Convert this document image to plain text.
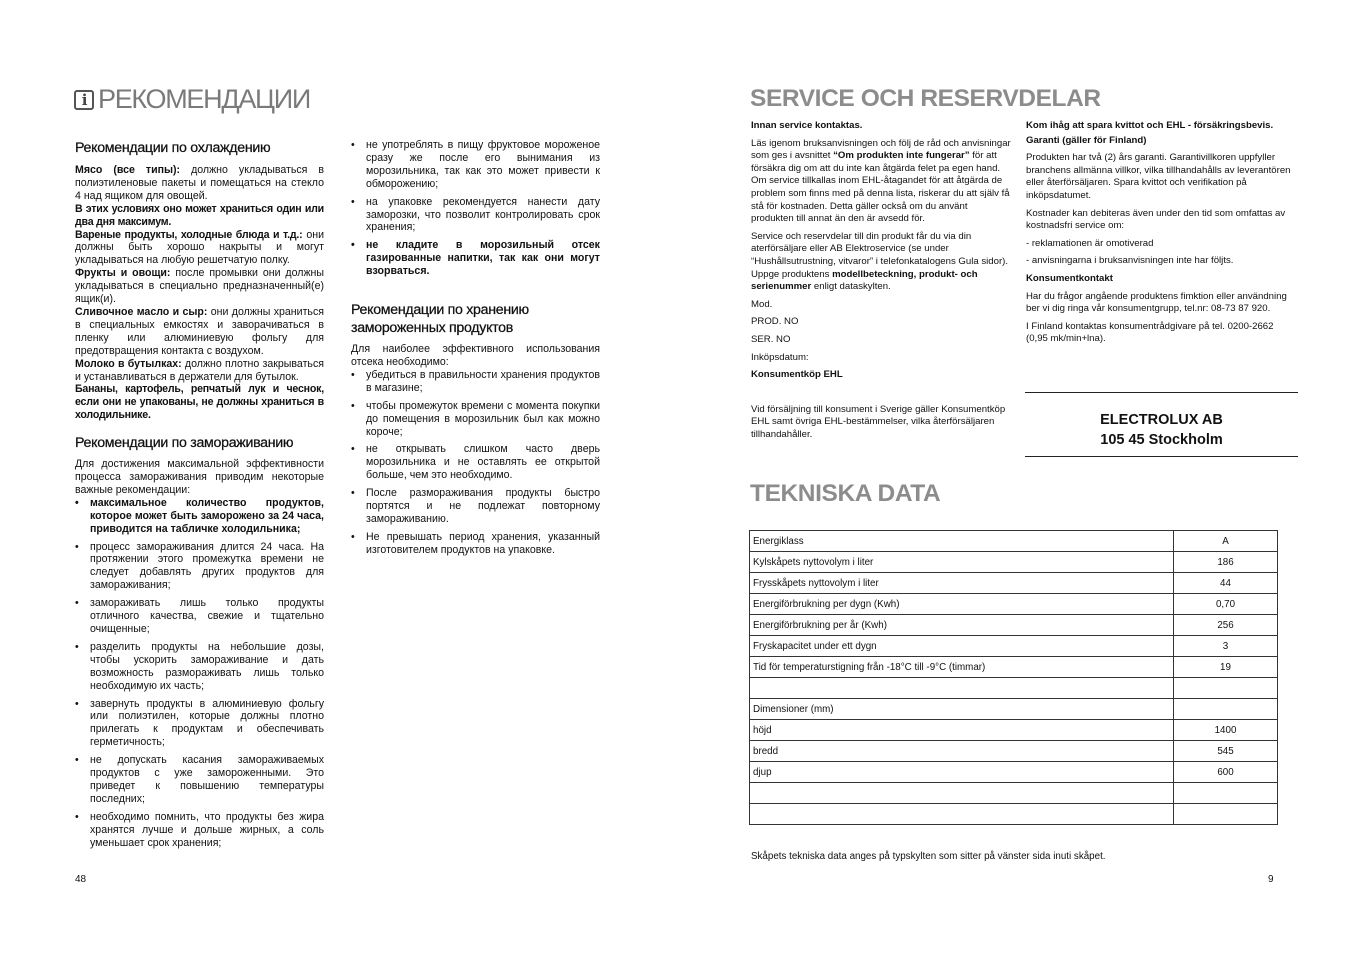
i РЕКОМЕНДАЦИИ
Рекомендации по охлаждению

Мясо (все типы): должно укладываться в полиэтиленовые пакеты и помещаться на стекло 4 над ящиком для овощей.

В этих условиях оно может храниться один или два дня максимум.

Вареные продукты, холодные блюда и т.д.: они должны быть хорошо накрыты и могут укладываться на любую решетчатую полку.

Фрукты и овощи: после промывки они должны укладываться в специально предназначенный(е) ящик(и).

Сливочное масло и сыр: они должны храниться в специальных емкостях и заворачиваться в пленку или алюминиевую фольгу для предотвращения контакта с воздухом.

Молоко в бутылках: должно плотно закрываться и устанавливаться в держатели для бутылок.

Бананы, картофель, репчатый лук и чеснок, если они не упакованы, не должны храниться в холодильнике.

Рекомендации по замораживанию

Для достижения максимальной эффективности процесса замораживания приводим некоторые важные рекомендации:

• максимальное количество продуктов, которое может быть заморожено за 24 часа, приводится на табличке холодильника;
• процесс замораживания длится 24 часа. На протяжении этого промежутка времени не следует добавлять других продуктов для замораживания;
• замораживать лишь только продукты отличного качества, свежие и тщательно очищенные;
• разделить продукты на небольшие дозы, чтобы ускорить замораживание и дать возможность размораживать лишь только необходимую их часть;
• завернуть продукты в алюминиевую фольгу или полиэтилен, которые должны плотно прилегать к продуктам и обеспечивать герметичность;
• не допускать касания замораживаемых продуктов с уже замороженными. Это приведет к повышению температуры последних;
• необходимо помнить, что продукты без жира хранятся лучше и дольше жирных, а соль уменьшает срок хранения;
• не употреблять в пищу фруктовое мороженое сразу же после его вынимания из морозильника, так как это может привести к обморожению;
• на упаковке рекомендуется нанести дату заморозки, что позволит контролировать срок хранения;
• не кладите в морозильный отсек газированные напитки, так как они могут взорваться.
Рекомендации по хранению замороженных продуктов

Для наиболее эффективного использования отсека необходимо:

• убедиться в правильности хранения продуктов в магазине;
• чтобы промежуток времени с момента покупки до помещения в морозильник был как можно короче;
• не открывать слишком часто дверь морозильника и не оставлять ее открытой больше, чем это необходимо.
• После размораживания продукты быстро портятся и не подлежат повторному замораживанию.
• Не превышать период хранения, указанный изготовителем продуктов на упаковке.
48
SERVICE OCH RESERVDELAR

Innan service kontaktas.

Läs igenom bruksanvisningen och följ de råd och anvisningar som ges i avsnittet “Om produkten inte fungerar” för att försäkra dig om att du inte kan åtgärda felet pa egen hand. Om service tillkallas inom EHL-åtagandet för att åtgärda de problem som finns med på denna lista, riskerar du att själv få stå för kostnaden. Detta gäller också om du använt produkten till annat än den är avsedd för.

Service och reservdelar till din produkt får du via din aterförsäljare eller AB Elektroservice (se under “Hushållsutrustning, vitvaror” i telefonkatalogens Gula sidor). Uppge produktens modellbeteckning, produkt- och serienummer enligt dataskylten.

Mod.

PROD. NO

SER. NO

Inköpsdatum:

Konsumentköp EHL

Vid försäljning till konsument i Sverige gäller Konsumentköp EHL samt övriga EHL-bestämmelser, vilka återförsäljaren tillhandahåller.

Kom ihåg att spara kvittot och EHL - försäkringsbevis.

Garanti (gäller för Finland)

Produkten har två (2) års garanti. Garantivillkoren uppfyller branchens allmänna villkor, vilka tillhandahålls av leverantören eller återförsäljaren. Spara kvittot och verifikation på inköpsdatumet.

Kostnader kan debiteras även under den tid som omfattas av kostnadsfri service om:

- reklamationen är omotiverad

- anvisningarna i bruksanvisningen inte har följts.

Konsumentkontakt

Har du frågor angående produktens fimktion eller användning ber vi dig ringa vår konsumentgrupp, tel.nr: 08-73 87 920.

I Finland kontaktas konsumentrådgivare på tel. 0200-2662 (0,95 mk/min+lna).

ELECTROLUX AB
105 45 Stockholm
TEKNISKA DATA
Energiklass	A
Kylskåpets nyttovolym i liter	186
Frysskåpets nyttovolym i liter	44
Energiförbrukning per dygn (Kwh)	0,70
Energiförbrukning per år (Kwh)	256
Fryskapacitet under ett dygn	3
Tid för temperaturstigning från -18°C till -9°C (timmar)	19

Dimensioner (mm)	
höjd	1400
bredd	545
djup	600

Skåpets tekniska data anges på typskylten som sitter på vänster sida inuti skåpet.
9
